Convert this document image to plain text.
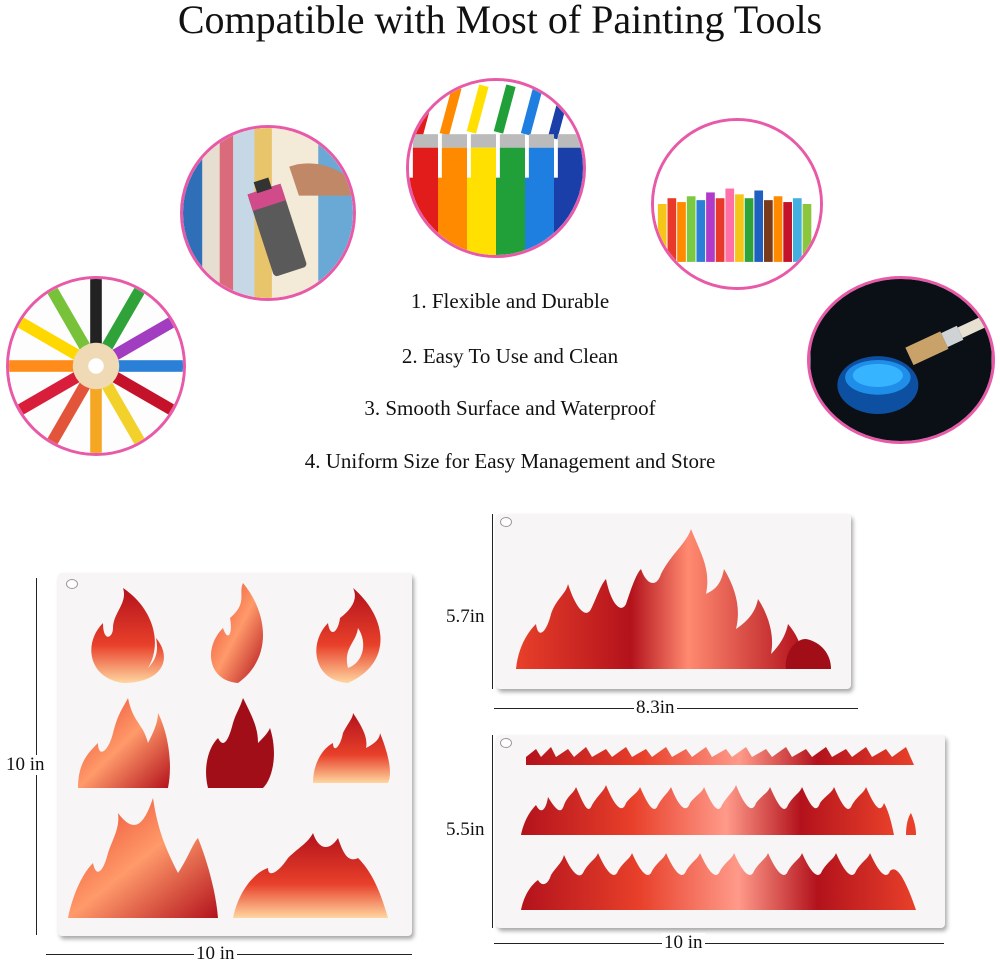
Compatible with Most of Painting Tools
1. Flexible and Durable
2. Easy To Use and Clean
3. Smooth Surface and Waterproof
4. Uniform Size for Easy Management and Store
10 in
10 in
5.7in
8.3in
5.5in
10 in
